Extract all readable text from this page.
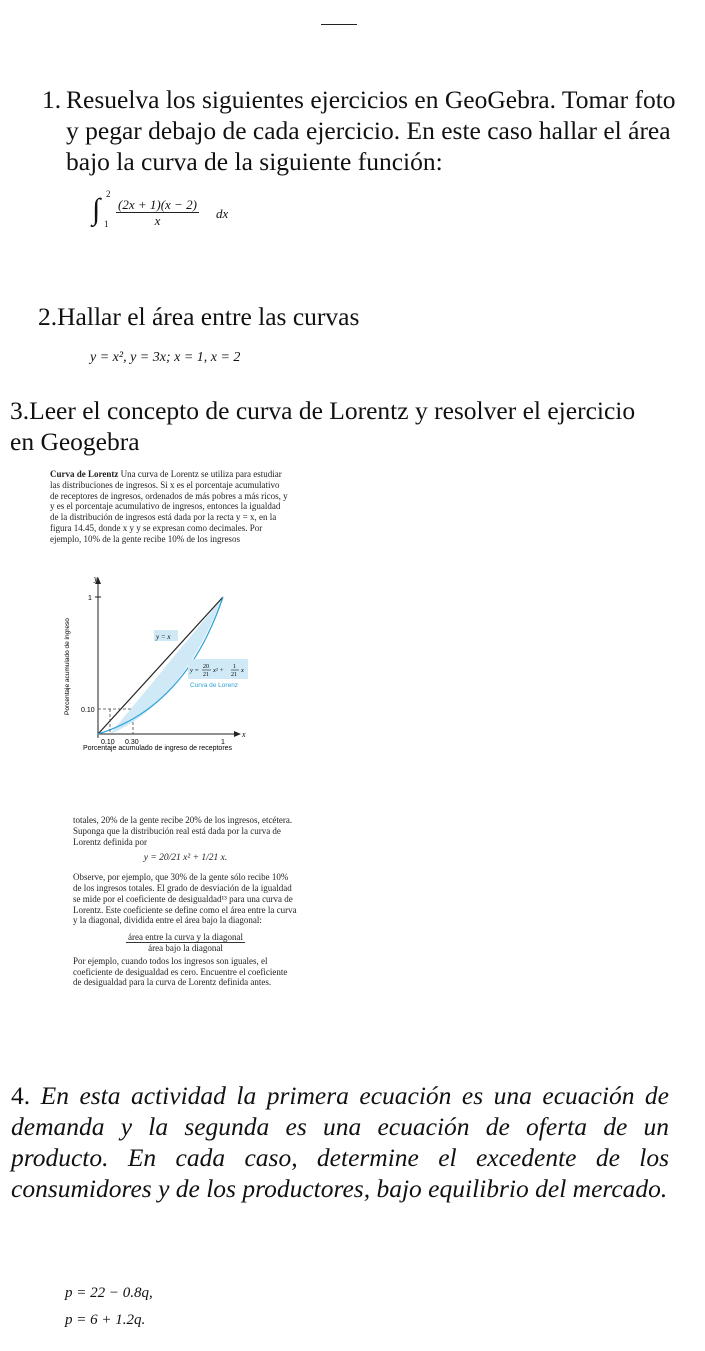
1. Resuelva los siguientes ejercicios en GeoGebra. Tomar foto y pegar debajo de cada ejercicio. En este caso hallar el área bajo la curva de la siguiente función:
∫ 2
$1 \frac{(2x + 1)(x - 2)}{x}$ dx
2.Hallar el área entre las curvas
y = x², y = 3x; x = 1, x = 2
3.Leer el concepto de curva de Lorentz y resolver el ejercicio en Geogebra
Curva de Lorentz Una curva de Lorentz se utiliza para estudiar las distribuciones de ingresos. Si x es el porcentaje acumulativo de receptores de ingresos, ordenados de más pobres a más ricos, y y es el porcentaje acumulativo de ingresos, entonces la igualdad de la distribución de ingresos está dada por la recta y = x, en la figura 14.45, donde x y y se expresan como decimales. Por ejemplo, 10% de la gente recibe 10% de los ingresos
y
1
0.10
0.10 0.30	1
x
y = x
y = 20
21
x² + 1
21
x
Curva de Lorenz
Porcentaje acumulado de ingreso
Porcentaje acumulado de ingreso de receptores
totales, 20% de la gente recibe 20% de los ingresos, etcétera. Suponga que la distribución real está dada por la curva de Lorentz definida por
y = 20/21 x² + 1/21 x.
Observe, por ejemplo, que 30% de la gente sólo recibe 10% de los ingresos totales. El grado de desviación de la igualdad se mide por el coeficiente de desigualdad¹³ para una curva de Lorentz. Este coeficiente se define como el área entre la curva y la diagonal, dividida entre el área bajo la diagonal:
área entre la curva y la diagonal
área bajo la diagonal
Por ejemplo, cuando todos los ingresos son iguales, el coeficiente de desigualdad es cero. Encuentre el coeficiente de desigualdad para la curva de Lorentz definida antes.
4. En esta actividad la primera ecuación es una ecuación de demanda y la segunda es una ecuación de oferta de un producto. En cada caso, determine el excedente de los consumidores y de los productores, bajo equilibrio del mercado.
p = 22 − 0.8q,
p = 6 + 1.2q.
